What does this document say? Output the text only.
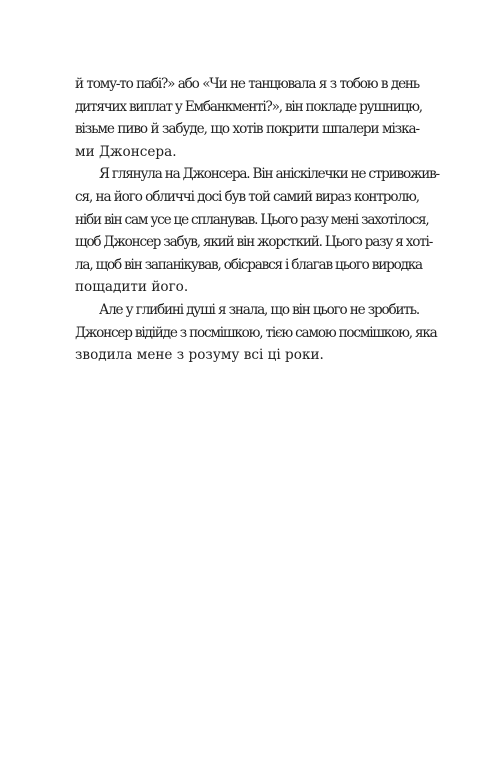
й тому-то пабі?» або «Чи не танцювала я з тобою в день
дитячих виплат у Ембанкменті?», він покладе рушницю,
візьме пиво й забуде, що хотів покрити шпалери мізка-
ми Джонсера.
Я глянула на Джонсера. Він аніскілечки не стривожив-
ся, на його обличчі досі був той самий вираз контролю,
ніби він сам усе це спланував. Цього разу мені захотілося,
щоб Джонсер забув, який він жорсткий. Цього разу я хоті-
ла, щоб він запанікував, обісрався і благав цього виродка
пощадити його.
Але у глибині душі я знала, що він цього не зробить.
Джонсер відійде з посмішкою, тією самою посмішкою, яка
зводила мене з розуму всі ці роки.
